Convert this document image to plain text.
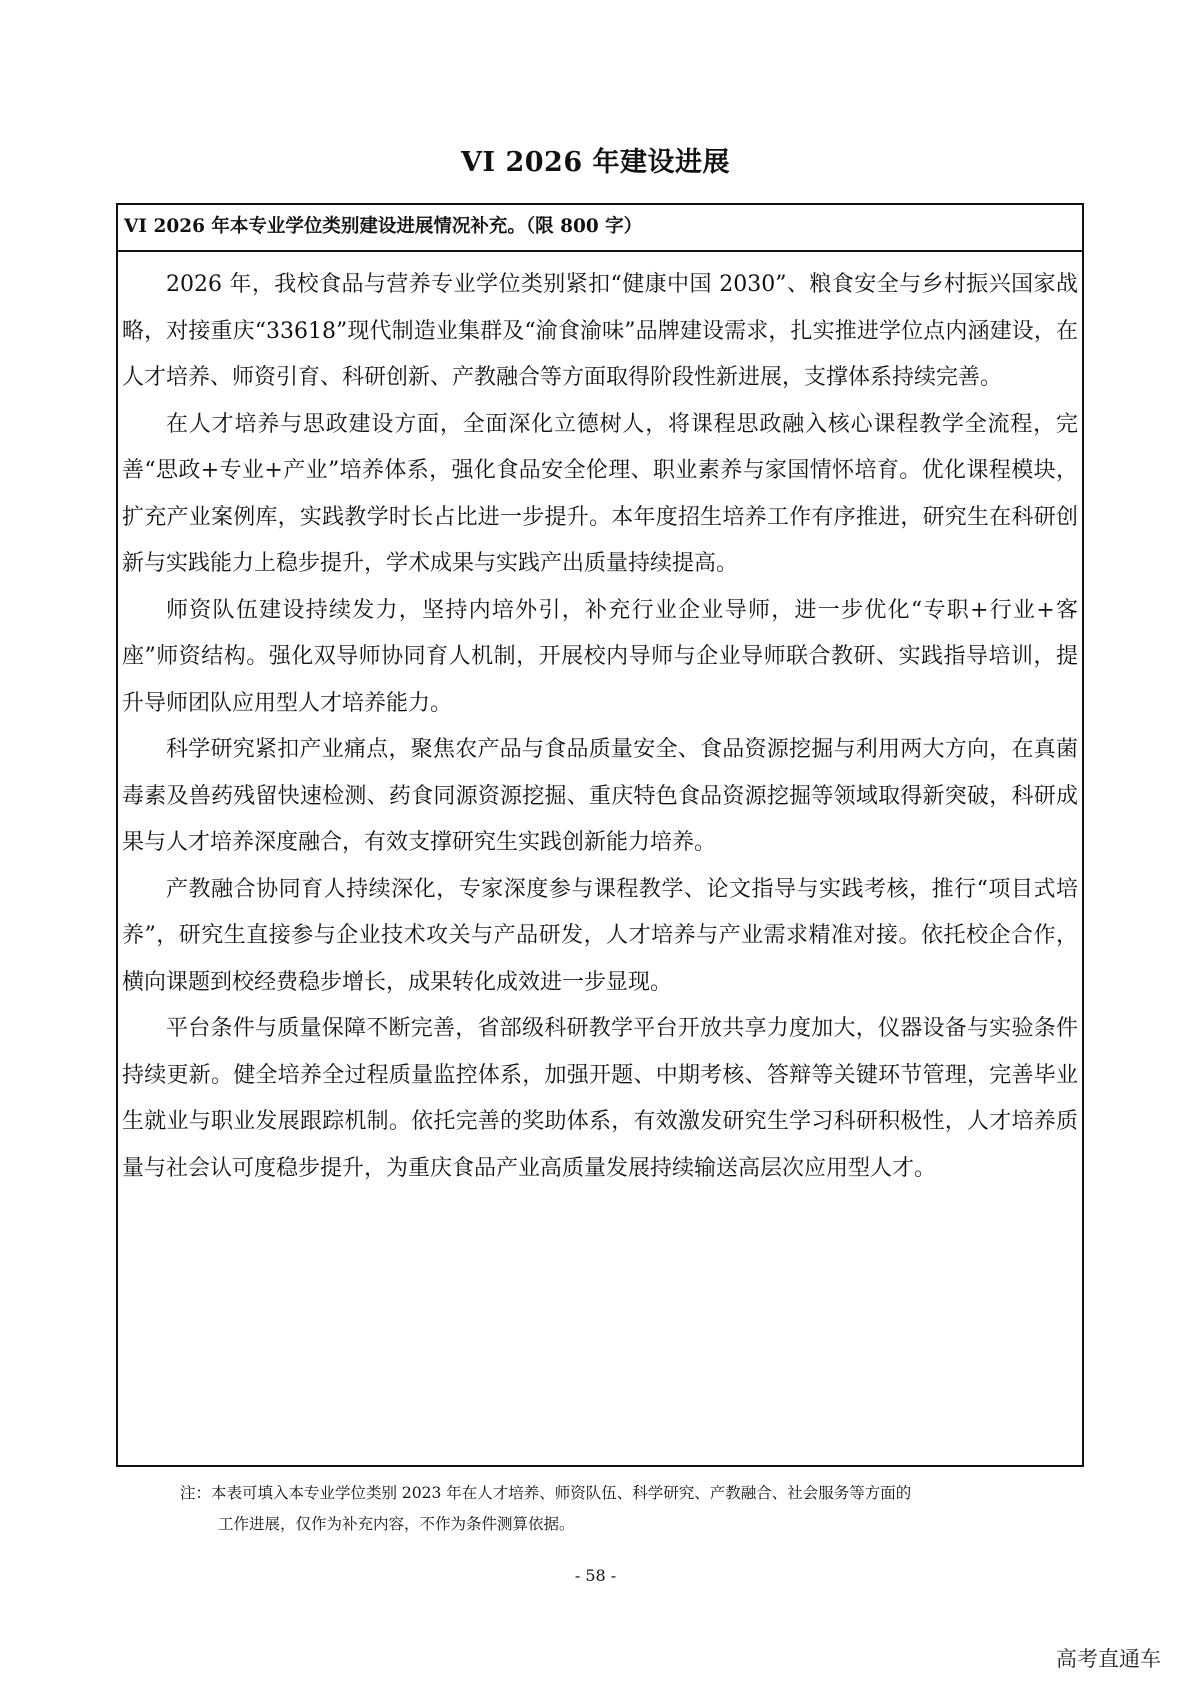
VI 2026 年建设进展
VI 2026 年本专业学位类别建设进展情况补充。（限 800 字）

2026 年，我校食品与营养专业学位类别紧扣“健康中国 2030”、粮食安全与乡村振兴国家战略，对接重庆“33618”现代制造业集群及“渝食渝味”品牌建设需求，扎实推进学位点内涵建设，在人才培养、师资引育、科研创新、产教融合等方面取得阶段性新进展，支撑体系持续完善。

在人才培养与思政建设方面，全面深化立德树人，将课程思政融入核心课程教学全流程，完善“思政+专业+产业”培养体系，强化食品安全伦理、职业素养与家国情怀培育。优化课程模块，扩充产业案例库，实践教学时长占比进一步提升。本年度招生培养工作有序推进，研究生在科研创新与实践能力上稳步提升，学术成果与实践产出质量持续提高。

师资队伍建设持续发力，坚持内培外引，补充行业企业导师，进一步优化“专职+行业+客座”师资结构。强化双导师协同育人机制，开展校内导师与企业导师联合教研、实践指导培训，提升导师团队应用型人才培养能力。

科学研究紧扣产业痛点，聚焦农产品与食品质量安全、食品资源挖掘与利用两大方向，在真菌毒素及兽药残留快速检测、药食同源资源挖掘、重庆特色食品资源挖掘等领域取得新突破，科研成果与人才培养深度融合，有效支撑研究生实践创新能力培养。

产教融合协同育人持续深化，专家深度参与课程教学、论文指导与实践考核，推行“项目式培养”，研究生直接参与企业技术攻关与产品研发，人才培养与产业需求精准对接。依托校企合作，横向课题到校经费稳步增长，成果转化成效进一步显现。

平台条件与质量保障不断完善，省部级科研教学平台开放共享力度加大，仪器设备与实验条件持续更新。健全培养全过程质量监控体系，加强开题、中期考核、答辩等关键环节管理，完善毕业生就业与职业发展跟踪机制。依托完善的奖助体系，有效激发研究生学习科研积极性，人才培养质量与社会认可度稳步提升，为重庆食品产业高质量发展持续输送高层次应用型人才。

注：本表可填入本专业学位类别 2023 年在人才培养、师资队伍、科学研究、产教融合、社会服务等方面的
工作进展，仅作为补充内容，不作为条件测算依据。
- 58 -
高考直通车
